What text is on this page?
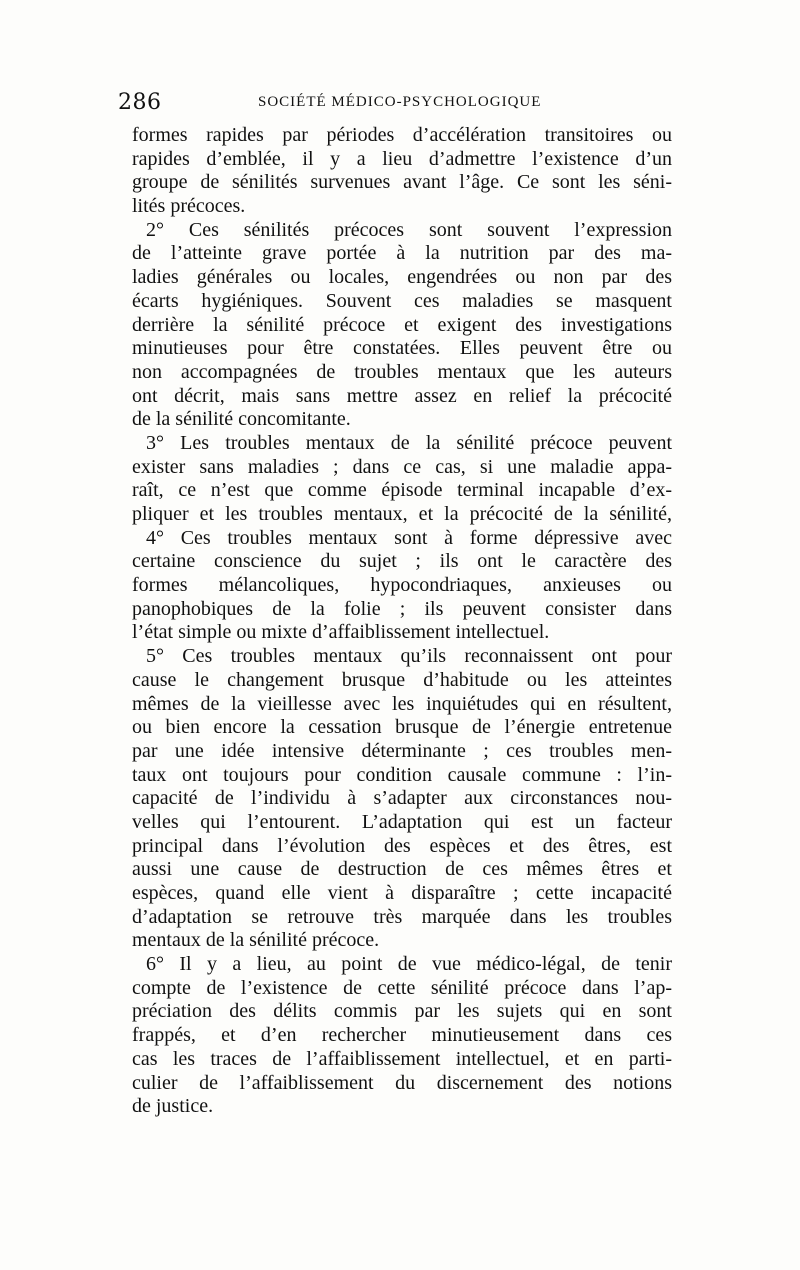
286	SOCIÉTÉ MÉDICO-PSYCHOLOGIQUE
formes rapides par périodes d’accélération transitoires ou
rapides d’emblée, il y a lieu d’admettre l’existence d’un
groupe de sénilités survenues avant l’âge. Ce sont les séni-
lités précoces.
2° Ces sénilités précoces sont souvent l’expression
de l’atteinte grave portée à la nutrition par des ma-
ladies générales ou locales, engendrées ou non par des
écarts hygiéniques. Souvent ces maladies se masquent
derrière la sénilité précoce et exigent des investigations
minutieuses pour être constatées. Elles peuvent être ou
non accompagnées de troubles mentaux que les auteurs
ont décrit, mais sans mettre assez en relief la précocité
de la sénilité concomitante.
3° Les troubles mentaux de la sénilité précoce peuvent
exister sans maladies ; dans ce cas, si une maladie appa-
raît, ce n’est que comme épisode terminal incapable d’ex-
pliquer et les troubles mentaux, et la précocité de la sénilité,
4° Ces troubles mentaux sont à forme dépressive avec
certaine conscience du sujet ; ils ont le caractère des
formes mélancoliques, hypocondriaques, anxieuses ou
panophobiques de la folie ; ils peuvent consister dans
l’état simple ou mixte d’affaiblissement intellectuel.
5° Ces troubles mentaux qu’ils reconnaissent ont pour
cause le changement brusque d’habitude ou les atteintes
mêmes de la vieillesse avec les inquiétudes qui en résultent,
ou bien encore la cessation brusque de l’énergie entretenue
par une idée intensive déterminante ; ces troubles men-
taux ont toujours pour condition causale commune : l’in-
capacité de l’individu à s’adapter aux circonstances nou-
velles qui l’entourent. L’adaptation qui est un facteur
principal dans l’évolution des espèces et des êtres, est
aussi une cause de destruction de ces mêmes êtres et
espèces, quand elle vient à disparaître ; cette incapacité
d’adaptation se retrouve très marquée dans les troubles
mentaux de la sénilité précoce.
6° Il y a lieu, au point de vue médico-légal, de tenir
compte de l’existence de cette sénilité précoce dans l’ap-
préciation des délits commis par les sujets qui en sont
frappés, et d’en rechercher minutieusement dans ces
cas les traces de l’affaiblissement intellectuel, et en parti-
culier de l’affaiblissement du discernement des notions
de justice.
